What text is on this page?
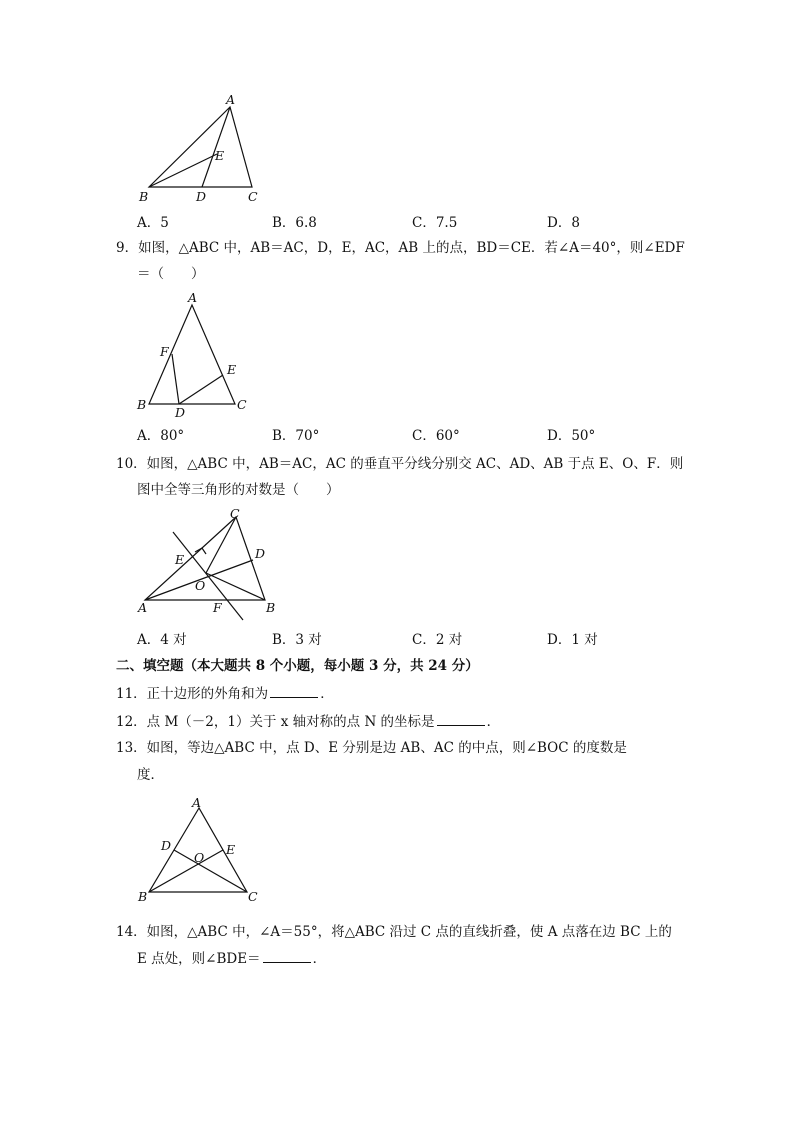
A
B	C
D
E
A．5	B．6.8	C．7.5	D．8
9．如图，△ABC 中，AB＝AC，D，E，AC，AB 上的点，BD＝CE．若∠A＝40°，则∠EDF
＝（　　）
A
B	C
D
E
F
A．80°	B．70°	C．60°	D．50°
10．如图，△ABC 中，AB＝AC，AC 的垂直平分线分别交 AC、AD、AB 于点 E、O、F．则
图中全等三角形的对数是（　　）
A	B
C
D
E
F
O
A．4 对	B．3 对	C．2 对	D．1 对
二、填空题（本大题共 8 个小题，每小题 3 分，共 24 分）
11．正十边形的外角和为	．
12．点 M（－2，1）关于 x 轴对称的点 N 的坐标是	．
13．如图，等边△ABC 中，点 D、E 分别是边 AB、AC 的中点，则∠BOC 的度数是
度．
A
B	C
D	E
O
14．如图，△ABC 中，∠A＝55°，将△ABC 沿过 C 点的直线折叠，使 A 点落在边 BC 上的
E 点处，则∠BDE＝	．
